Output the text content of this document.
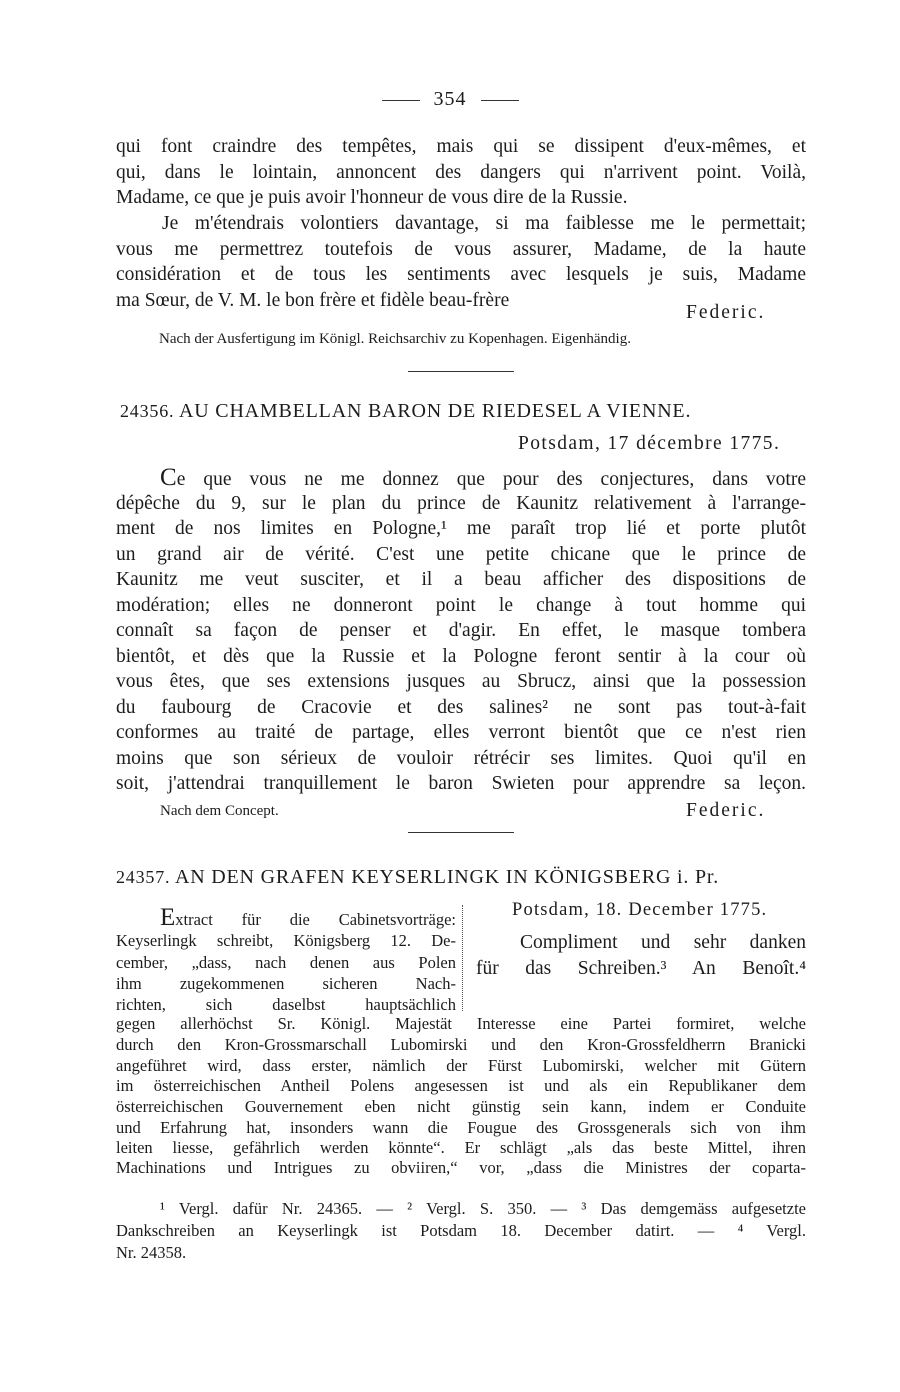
354
qui font craindre des tempêtes, mais qui se dissipent d'eux-mêmes, et
qui, dans le lointain, annoncent des dangers qui n'arrivent point. Voilà,
Madame, ce que je puis avoir l'honneur de vous dire de la Russie.
Je m'étendrais volontiers davantage, si ma faiblesse me le permettait;
vous me permettrez toutefois de vous assurer, Madame, de la haute
considération et de tous les sentiments avec lesquels je suis, Madame
ma Sœur, de V. M. le bon frère et fidèle beau-frère
Federic.
Nach der Ausfertigung im Königl. Reichsarchiv zu Kopenhagen. Eigenhändig.
24356. AU CHAMBELLAN BARON DE RIEDESEL A VIENNE.
Potsdam, 17 décembre 1775.
Ce que vous ne me donnez que pour des conjectures, dans votre
dépêche du 9, sur le plan du prince de Kaunitz relativement à l'arrange-
ment de nos limites en Pologne,¹ me paraît trop lié et porte plutôt
un grand air de vérité. C'est une petite chicane que le prince de
Kaunitz me veut susciter, et il a beau afficher des dispositions de
modération; elles ne donneront point le change à tout homme qui
connaît sa façon de penser et d'agir. En effet, le masque tombera
bientôt, et dès que la Russie et la Pologne feront sentir à la cour où
vous êtes, que ses extensions jusques au Sbrucz, ainsi que la possession
du faubourg de Cracovie et des salines² ne sont pas tout-à-fait
conformes au traité de partage, elles verront bientôt que ce n'est rien
moins que son sérieux de vouloir rétrécir ses limites. Quoi qu'il en
soit, j'attendrai tranquillement le baron Swieten pour apprendre sa leçon.
Nach dem Concept.	Federic.
24357. AN DEN GRAFEN KEYSERLINGK IN KÖNIGSBERG i. Pr.
Extract für die Cabinetsvorträge:
Keyserlingk schreibt, Königsberg 12. De-
cember, „dass, nach denen aus Polen
ihm zugekommenen sicheren Nach-
richten, sich daselbst hauptsächlich
Potsdam, 18. December 1775.
Compliment und sehr danken
für das Schreiben.³ An Benoît.⁴
gegen allerhöchst Sr. Königl. Majestät Interesse eine Partei formiret, welche
durch den Kron-Grossmarschall Lubomirski und den Kron-Grossfeldherrn Branicki
angeführet wird, dass erster, nämlich der Fürst Lubomirski, welcher mit Gütern
im österreichischen Antheil Polens angesessen ist und als ein Republikaner dem
österreichischen Gouvernement eben nicht günstig sein kann, indem er Conduite
und Erfahrung hat, insonders wann die Fougue des Grossgenerals sich von ihm
leiten liesse, gefährlich werden könnte“. Er schlägt „als das beste Mittel, ihren
Machinations und Intrigues zu obviiren,“ vor, „dass die Ministres der coparta-
¹ Vergl. dafür Nr. 24365. — ² Vergl. S. 350. — ³ Das demgemäss aufgesetzte
Dankschreiben an Keyserlingk ist Potsdam 18. December datirt. — ⁴ Vergl.
Nr. 24358.
